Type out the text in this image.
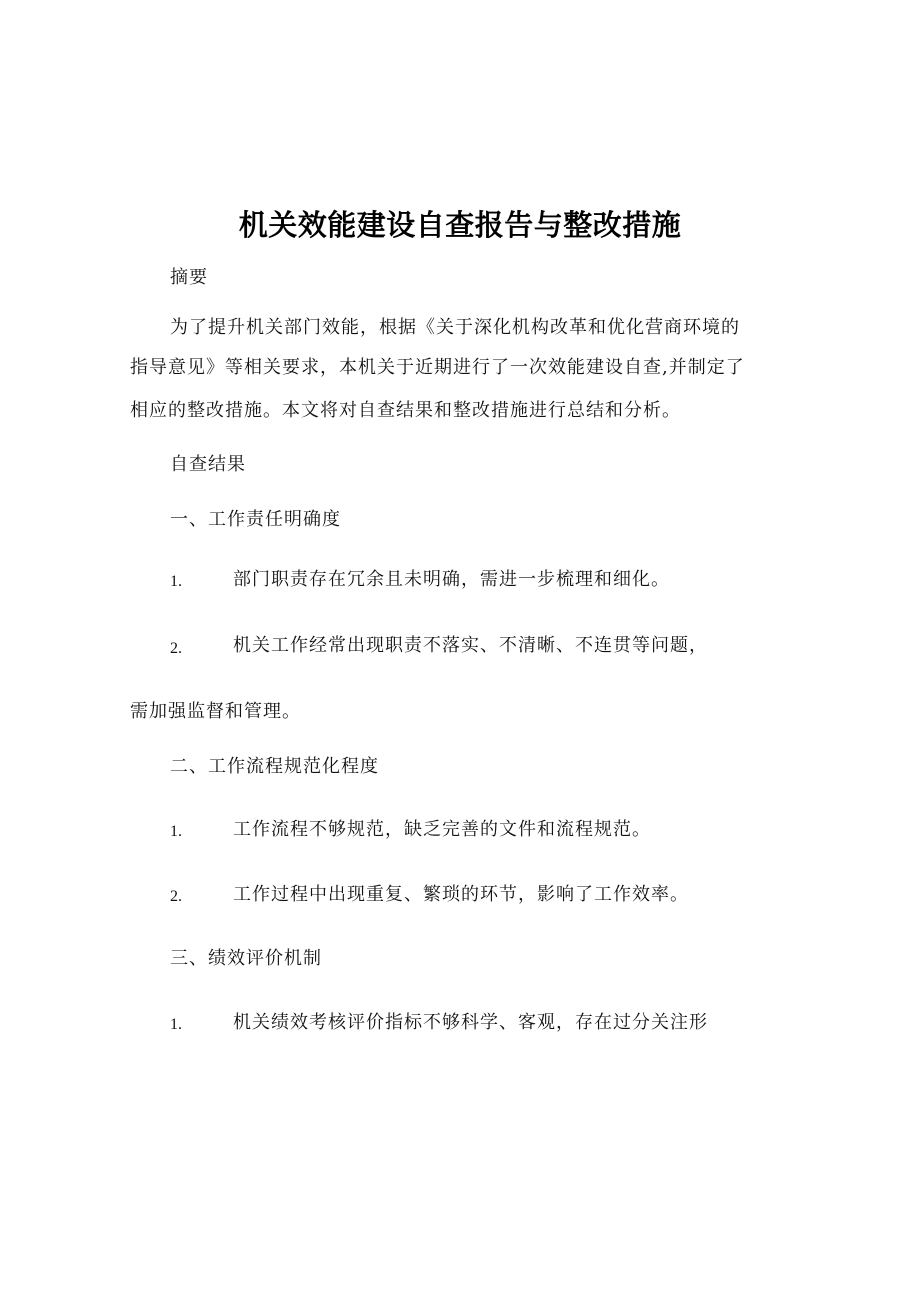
机关效能建设自查报告与整改措施
摘要
为了提升机关部门效能，根据《关于深化机构改革和优化营商环境的
指导意见》等相关要求，本机关于近期进行了一次效能建设自查,并制定了
相应的整改措施。本文将对自查结果和整改措施进行总结和分析。
自查结果
一、工作责任明确度
1.	部门职责存在冗余且未明确，需进一步梳理和细化。
2.	机关工作经常出现职责不落实、不清晰、不连贯等问题，
需加强监督和管理。
二、工作流程规范化程度
1.	工作流程不够规范，缺乏完善的文件和流程规范。
2.	工作过程中出现重复、繁琐的环节，影响了工作效率。
三、绩效评价机制
1.	机关绩效考核评价指标不够科学、客观，存在过分关注形
